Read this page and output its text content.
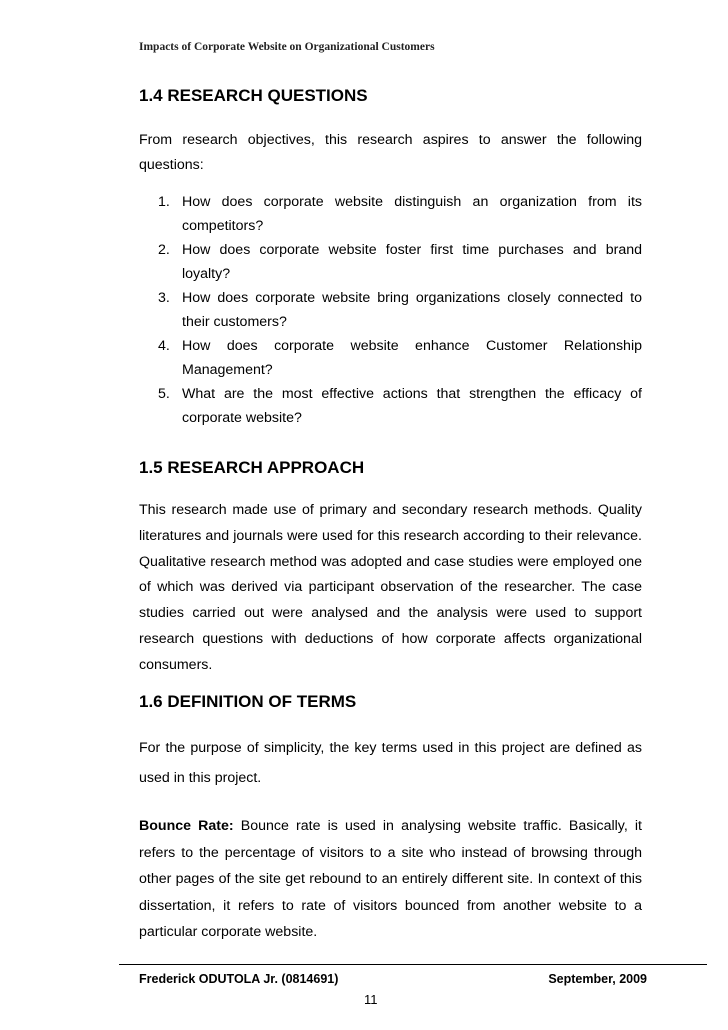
Impacts of Corporate Website on Organizational Customers
1.4 RESEARCH QUESTIONS

From research objectives, this research aspires to answer the following questions:

1. How does corporate website distinguish an organization from its competitors?
2. How does corporate website foster first time purchases and brand loyalty?
3. How does corporate website bring organizations closely connected to their customers?
4. How does corporate website enhance Customer Relationship Management?
5. What are the most effective actions that strengthen the efficacy of corporate website?
1.5 RESEARCH APPROACH

This research made use of primary and secondary research methods. Quality literatures and journals were used for this research according to their relevance. Qualitative research method was adopted and case studies were employed one of which was derived via participant observation of the researcher. The case studies carried out were analysed and the analysis were used to support research questions with deductions of how corporate affects organizational consumers.

1.6 DEFINITION OF TERMS

For the purpose of simplicity, the key terms used in this project are defined as used in this project.

Bounce Rate: Bounce rate is used in analysing website traffic. Basically, it refers to the percentage of visitors to a site who instead of browsing through other pages of the site get rebound to an entirely different site. In context of this dissertation, it refers to rate of visitors bounced from another website to a particular corporate website.

Frederick ODUTOLA Jr. (0814691)	September, 2009
11
